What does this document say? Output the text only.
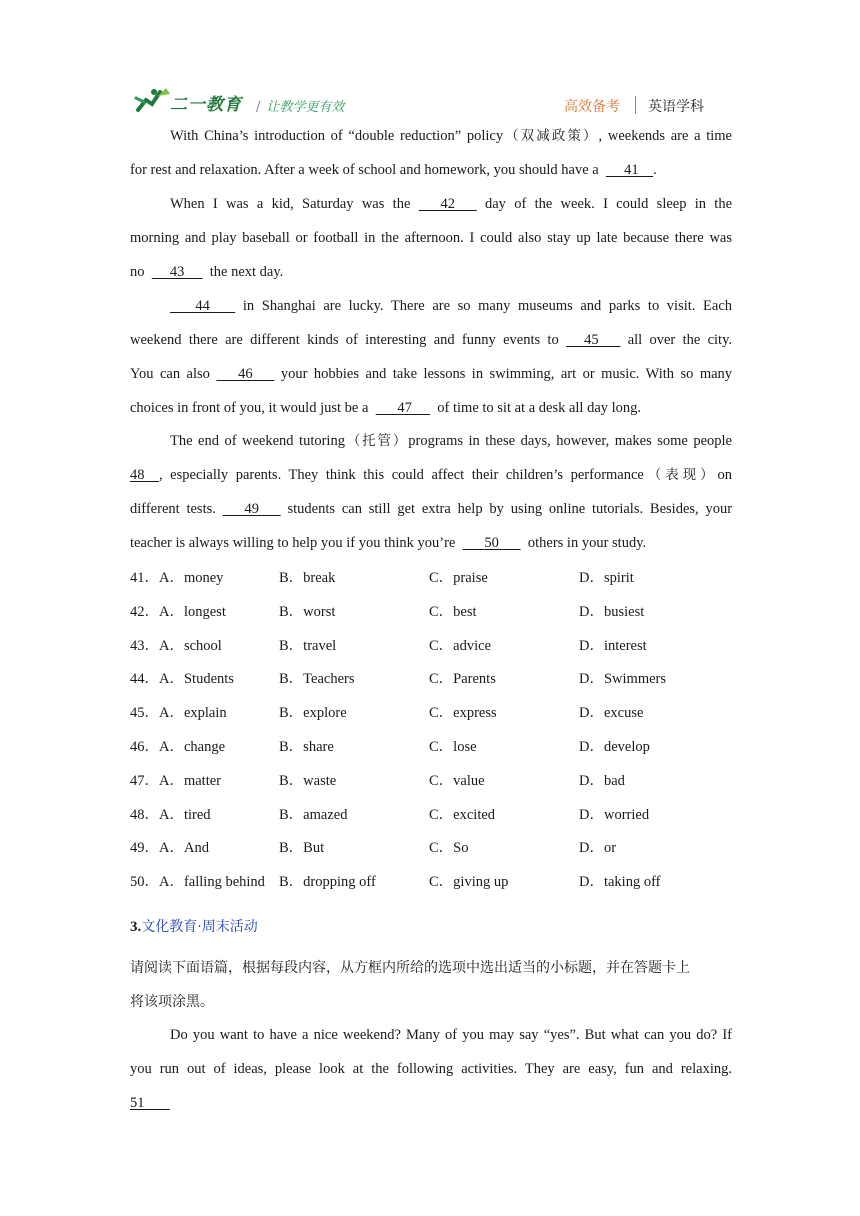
二一教育 / 让教学更有效	高效备考 英语学科
With China’s introduction of “double reduction” policy（双减政策）, weekends are a time
for rest and relaxation. After a week of school and homework, you should have a 41 .
When I was a kid, Saturday was the 42 day of the week. I could sleep in the
morning and play baseball or football in the afternoon. I could also stay up late because there was
no 43 the next day.
44 in Shanghai are lucky. There are so many museums and parks to visit. Each
weekend there are different kinds of interesting and funny events to 45 all over the city.
You can also 46 your hobbies and take lessons in swimming, art or music. With so many
choices in front of you, it would just be a 47 of time to sit at a desk all day long.
The end of weekend tutoring（托管）programs in these days, however, makes some people
48 , especially parents. They think this could affect their children’s performance（表现）on
different tests. 49 students can still get extra help by using online tutorials. Besides, your
teacher is always willing to help you if you think you’re 50 others in your study.
41．A．money	B．break	C．praise	D．spirit
42．A．longest	B．worst	C．best	D．busiest
43．A．school	B．travel	C．advice	D．interest
44．A．Students	B．Teachers	C．Parents	D．Swimmers
45．A．explain	B．explore	C．express	D．excuse
46．A．change	B．share	C．lose	D．develop
47．A．matter	B．waste	C．value	D．bad
48．A．tired	B．amazed	C．excited	D．worried
49．A．And	B．But	C．So	D．or
50．A．falling behind B．dropping off	C．giving up	D．taking off
3.文化教育·周末活动
请阅读下面语篇，根据每段内容，从方框内所给的选项中选出适当的小标题，并在答题卡上
将该项涂黑。
Do you want to have a nice weekend? Many of you may say “yes”. But what can you do? If
you run out of ideas, please look at the following activities. They are easy, fun and relaxing.
51
